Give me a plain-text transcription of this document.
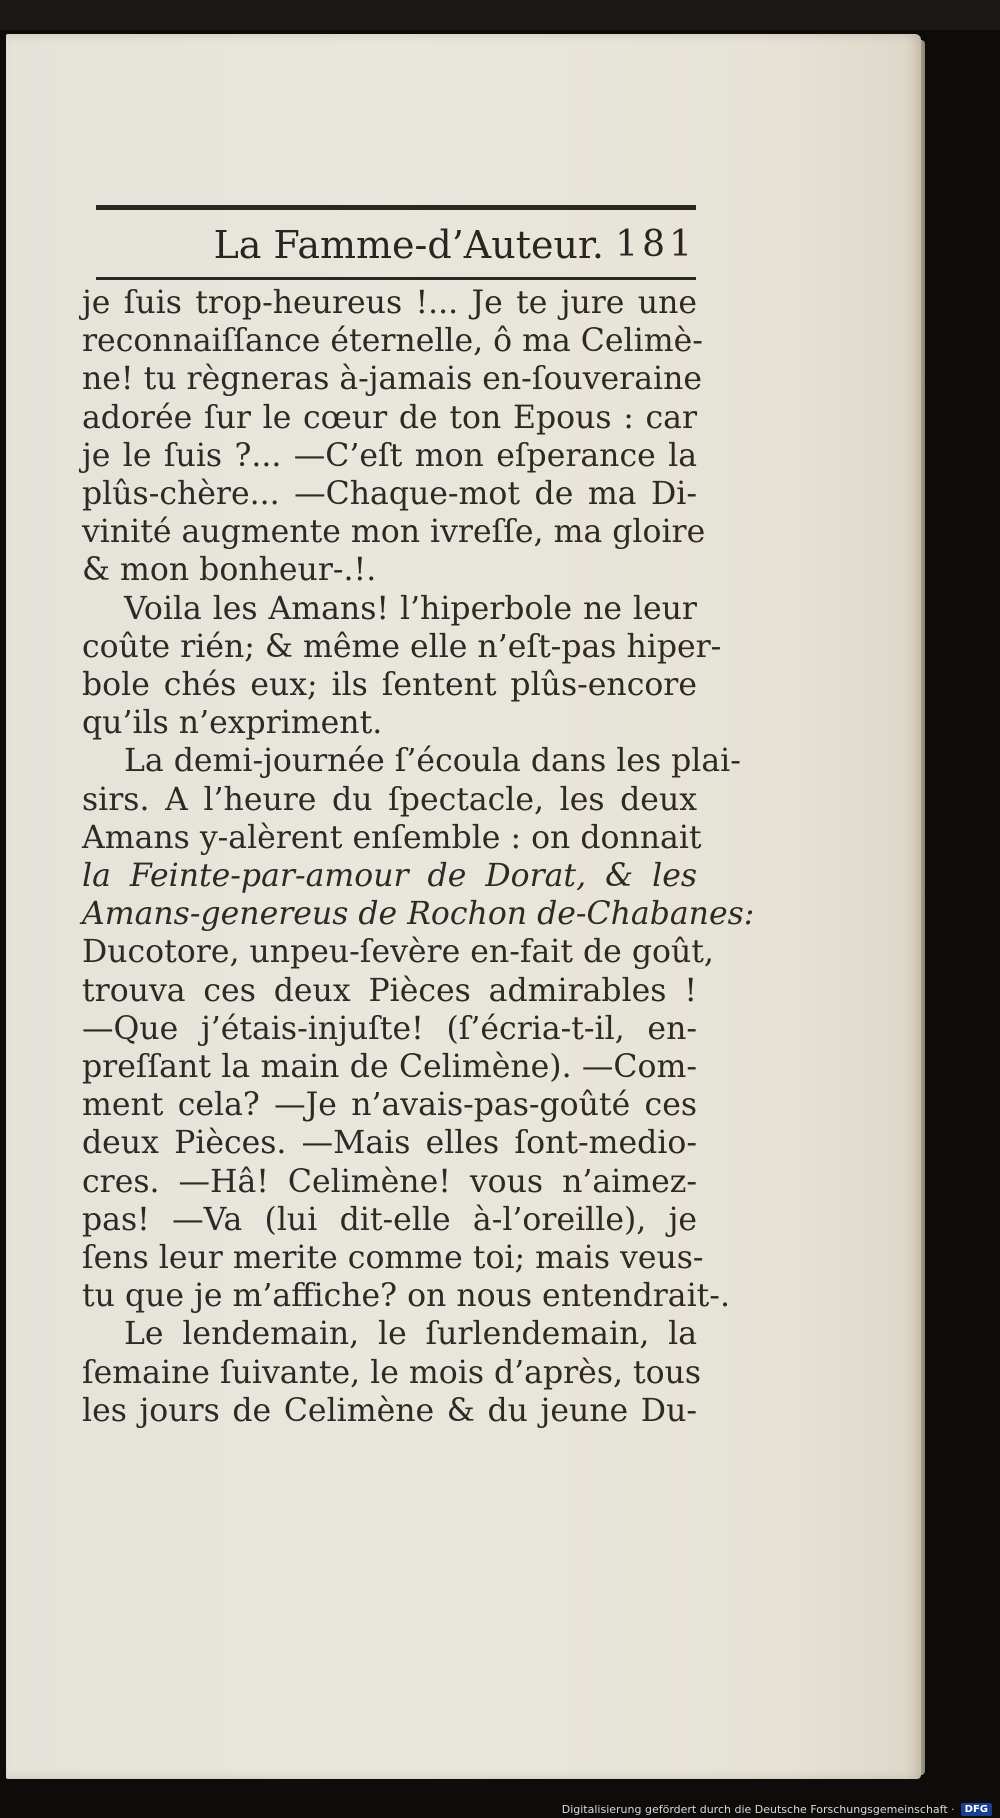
La Famme-d’Auteur. 181
je ſuis trop-heureus !... Je te jure une
reconnaiſſance éternelle, ô ma Celimè-
ne! tu règneras à-jamais en-ſouveraine
adorée ſur le cœur de ton Epous : car
je le ſuis ?... —C’eſt mon eſperance la
plûs-chère... —Chaque-mot de ma Di-
vinité augmente mon ivreſſe, ma gloire
& mon bonheur-.!.
Voila les Amans! l’hiperbole ne leur
coûte rién; & même elle n’eſt-pas hiper-
bole chés eux; ils ſentent plûs-encore
qu’ils n’expriment.
La demi-journée ſ’écoula dans les plai-
sirs. A l’heure du ſpectacle, les deux
Amans y-alèrent enſemble : on donnait
la Feinte-par-amour de Dorat, & les
Amans-genereus de Rochon de-Chabanes:
Ducotore, unpeu-ſevère en-fait de goût,
trouva ces deux Pièces admirables !
—Que j’étais-injuſte! (ſ’écria-t-il, en-
preſſant la main de Celimène). —Com-
ment cela? —Je n’avais-pas-goûté ces
deux Pièces. —Mais elles ſont-medio-
cres. —Hâ! Celimène! vous n’aimez-
pas! —Va (lui dit-elle à-l’oreille), je
ſens leur merite comme toi; mais veus-
tu que je m’affiche? on nous entendrait-.
Le lendemain, le ſurlendemain, la
ſemaine ſuivante, le mois d’après, tous
les jours de Celimène & du jeune Du-
Digitalisierung gefördert durch die Deutsche Forschungsgemeinschaft ·	DFG
